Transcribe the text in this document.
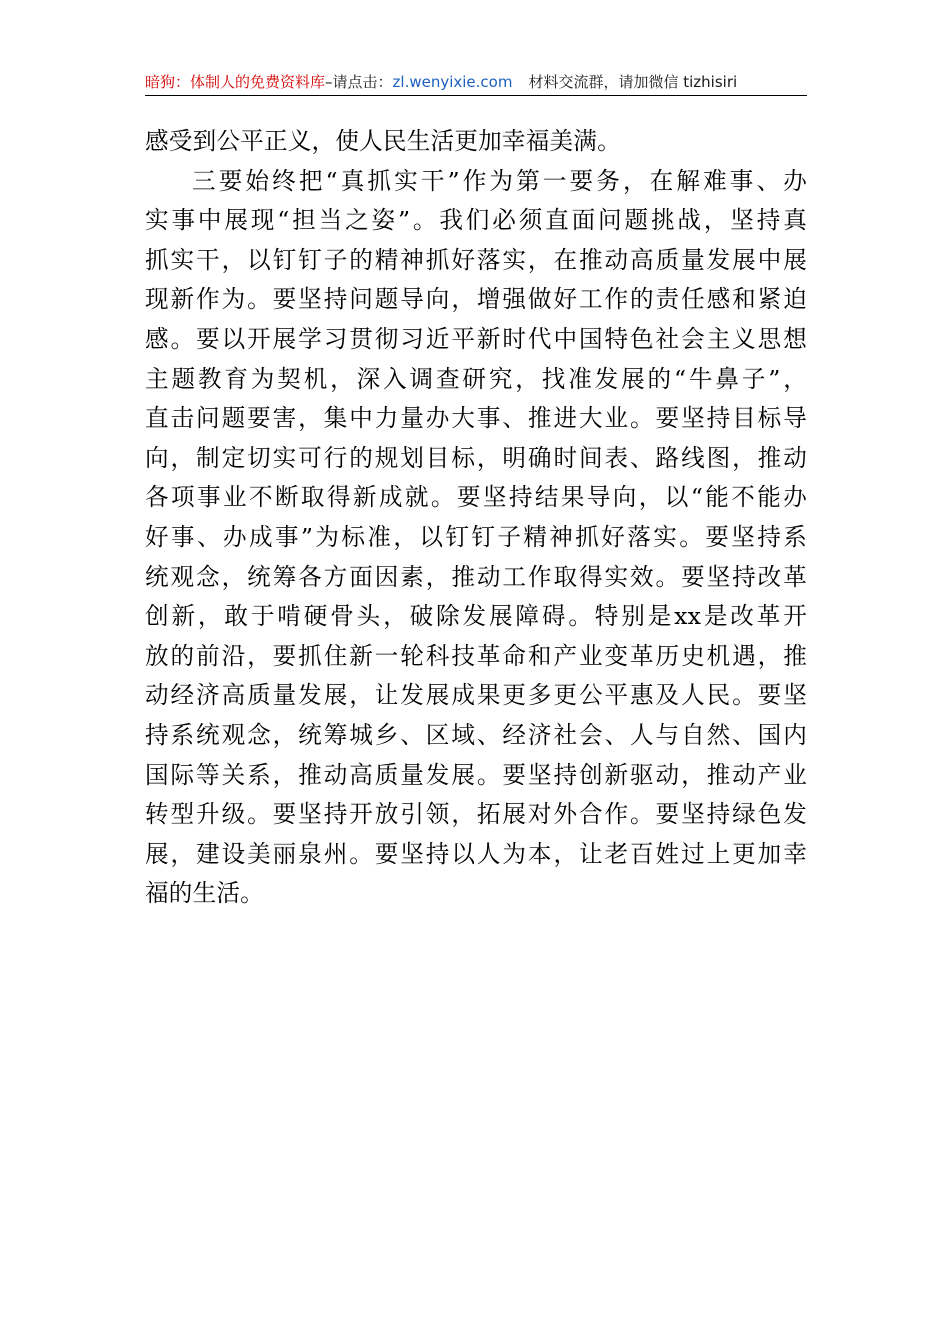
暗狗：体制人的免费资料库 –请点击： zl.wenyixie.com 材料交流群，请加微信 tizhisiri
感受到公平正义，使人民生活更加幸福美满。
三要始终把“真抓实干”作为第一要务，在解难事、办
实事中展现“担当之姿”。我们必须直面问题挑战，坚持真
抓实干，以钉钉子的精神抓好落实，在推动高质量发展中展
现新作为。要坚持问题导向，增强做好工作的责任感和紧迫
感。要以开展学习贯彻习近平新时代中国特色社会主义思想
主题教育为契机，深入调查研究，找准发展的“牛鼻子”，
直击问题要害，集中力量办大事、推进大业。要坚持目标导
向，制定切实可行的规划目标，明确时间表、路线图，推动
各项事业不断取得新成就。要坚持结果导向，以“能不能办
好事、办成事”为标准，以钉钉子精神抓好落实。要坚持系
统观念，统筹各方面因素，推动工作取得实效。要坚持改革
创新，敢于啃硬骨头，破除发展障碍。特别是xx是改革开
放的前沿，要抓住新一轮科技革命和产业变革历史机遇，推
动经济高质量发展，让发展成果更多更公平惠及人民。要坚
持系统观念，统筹城乡、区域、经济社会、人与自然、国内
国际等关系，推动高质量发展。要坚持创新驱动，推动产业
转型升级。要坚持开放引领，拓展对外合作。要坚持绿色发
展，建设美丽泉州。要坚持以人为本，让老百姓过上更加幸
福的生活。
